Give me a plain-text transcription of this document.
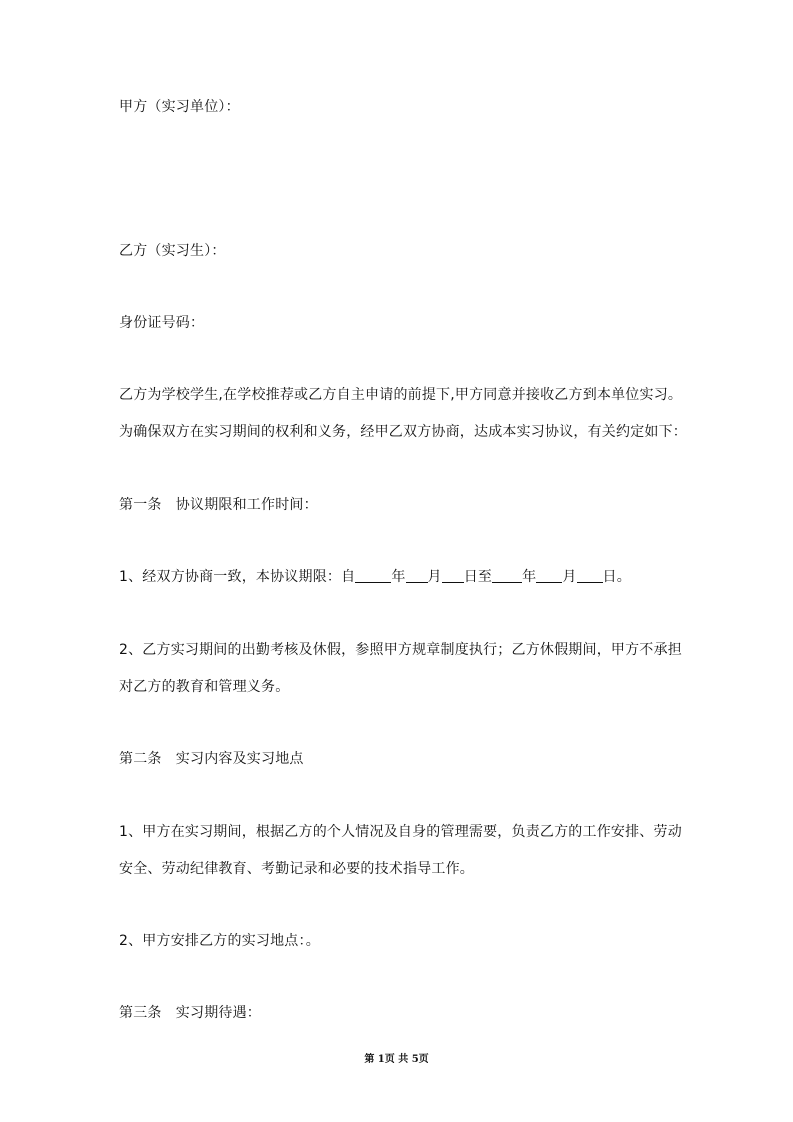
甲方（实习单位）：
乙方（实习生）：
身份证号码：
乙方为学校学生,在学校推荐或乙方自主申请的前提下,甲方同意并接收乙方到本单位实习。
为确保双方在实习期间的权利和义务，经甲乙双方协商，达成本实习协议，有关约定如下：
第一条　协议期限和工作时间：
1、经双方协商一致，本协议期限：自	年 月 日至 年 月 日。
2、乙方实习期间的出勤考核及休假，参照甲方规章制度执行；乙方休假期间，甲方不承担
对乙方的教育和管理义务。
第二条　实习内容及实习地点
1、甲方在实习期间，根据乙方的个人情况及自身的管理需要，负责乙方的工作安排、劳动
安全、劳动纪律教育、考勤记录和必要的技术指导工作。
2、甲方安排乙方的实习地点：。
第三条　实习期待遇：
第 1页 共 5页
